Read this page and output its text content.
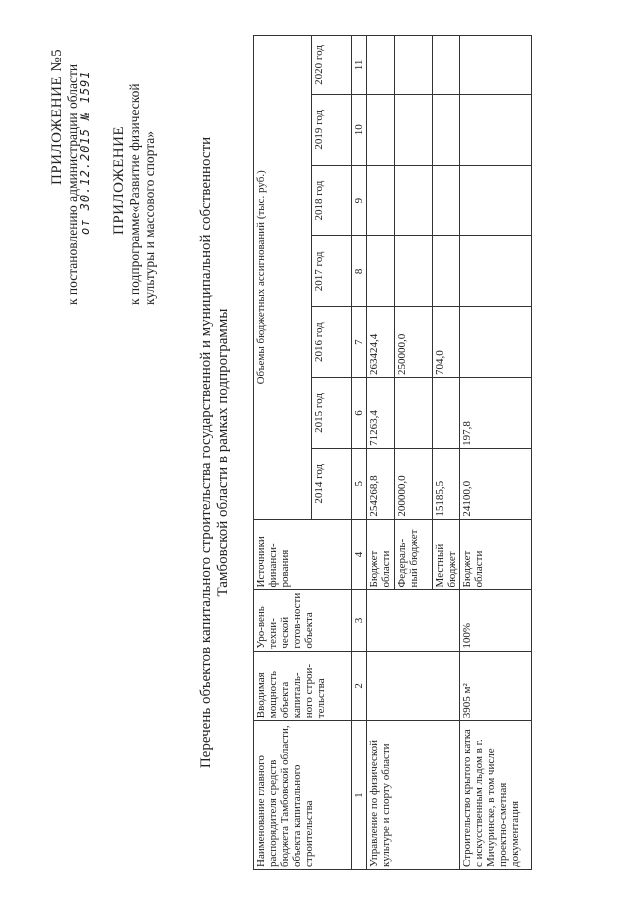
ПРИЛОЖЕНИЕ №5 к постановлению администрации области
от 30.12.2015 № 1591 ПРИЛОЖЕНИЕ к подпрограмме«Развитие физической культуры и массового спорта»	Перечень объектов капитального строительства государственной и муниципальной собственности Тамбовской области в рамках подпрограммы
Наименование главного распорядителя средств бюджета Тамбовской области, объекта капитального строительства	Вводимая мощность объекта капиталь-ного строи-тельства	Уро-вень техни-ческой готов-ности объекта	Источники финанси-рования	Объемы бюджетных ассигнований (тыс. руб.)						
				2014 год	2015 год	2016 год	2017 год	2018 год	2019 год	2020 год
1	2	3	4	5	6	7	8	9	10	11
Управление по физической культуре и спорту области			Бюджет области	254268,8	71263,4	263424,4				
			Федераль-ный бюджет	200000,0		250000,0				
			Местный бюджет	15185,5		704,0				
Строительство крытого катка с искусственным льдом в г. Мичуринске, в том числе проектно-сметная документация	3905 м²	100%	Бюджет области	24100,0	197,8					
